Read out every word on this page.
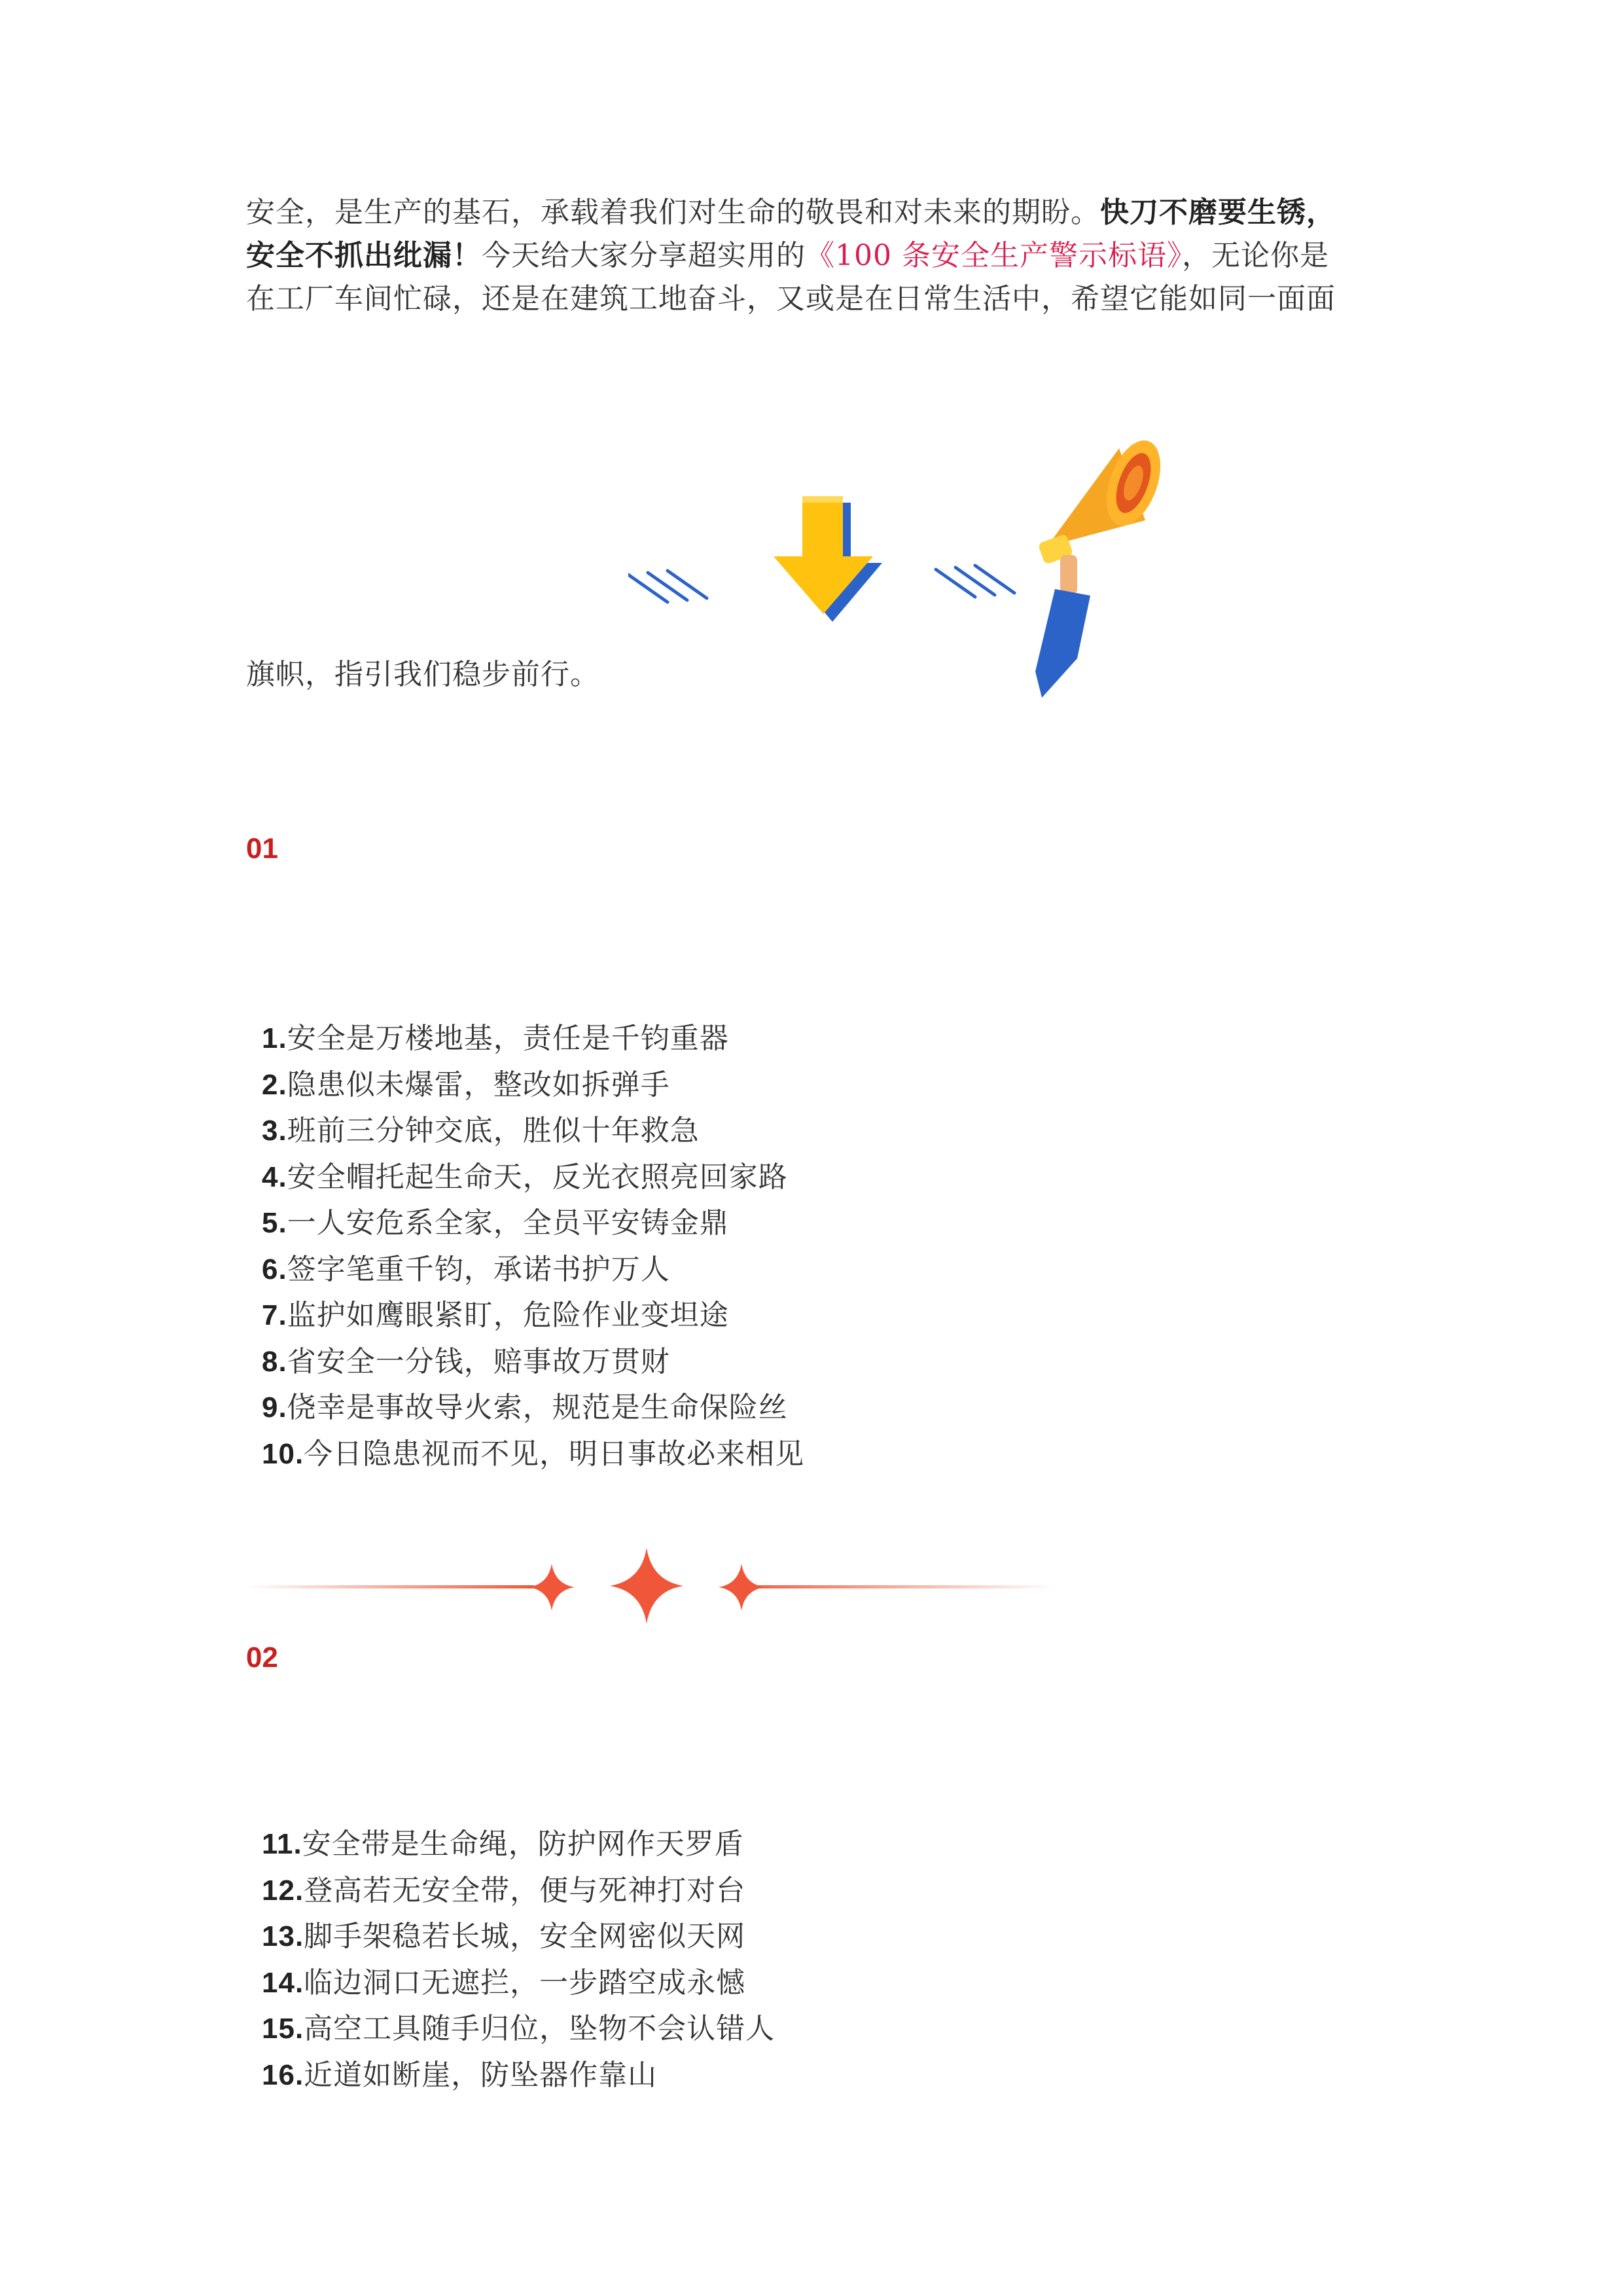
安全，是生产的基石，承载着我们对生命的敬畏和对未来的期盼。快刀不磨要生锈，

安全不抓出纰漏！今天给大家分享超实用的《100 条安全生产警示标语》，无论你是

在工厂车间忙碌，还是在建筑工地奋斗，又或是在日常生活中，希望它能如同一面面

旗帜，指引我们稳步前行。
01
1.安全是万楼地基，责任是千钧重器
2.隐患似未爆雷，整改如拆弹手
3.班前三分钟交底，胜似十年救急
4.安全帽托起生命天，反光衣照亮回家路
5.一人安危系全家，全员平安铸金鼎
6.签字笔重千钧，承诺书护万人
7.监护如鹰眼紧盯，危险作业变坦途
8.省安全一分钱，赔事故万贯财
9.侥幸是事故导火索，规范是生命保险丝
10.今日隐患视而不见，明日事故必来相见
02
11.安全带是生命绳，防护网作天罗盾
12.登高若无安全带，便与死神打对台
13.脚手架稳若长城，安全网密似天网
14.临边洞口无遮拦，一步踏空成永憾
15.高空工具随手归位，坠物不会认错人
16.近道如断崖，防坠器作靠山
